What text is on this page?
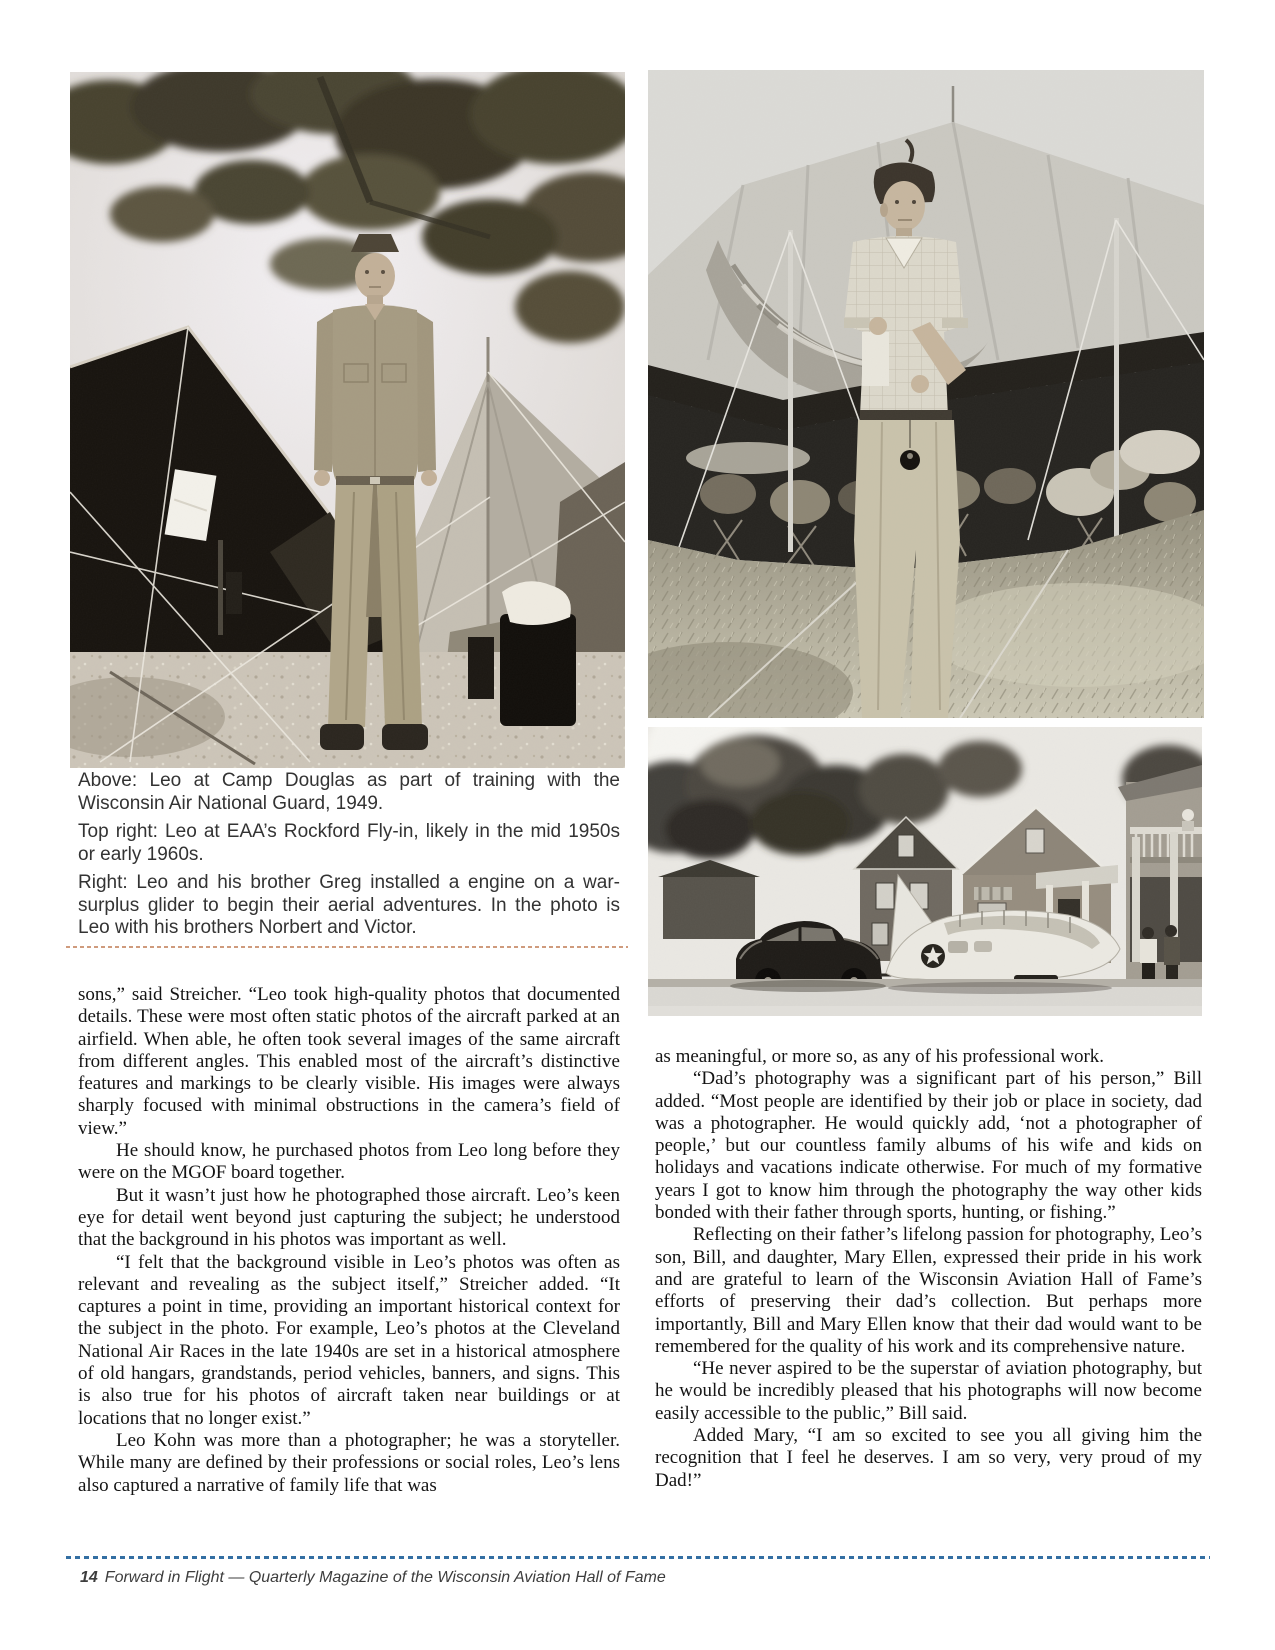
Above: Leo at Camp Douglas as part of training with the Wisconsin Air National Guard, 1949.

Top right: Leo at EAA’s Rockford Fly-in, likely in the mid 1950s or early 1960s.

Right: Leo and his brother Greg installed a engine on a war-surplus glider to begin their aerial adventures. In the photo is Leo with his brothers Norbert and Victor.

sons,” said Streicher. “Leo took high-quality photos that documented details. These were most often static photos of the aircraft parked at an airfield. When able, he often took several images of the same aircraft from different angles. This enabled most of the aircraft’s distinctive features and markings to be clearly visible. His images were always sharply focused with minimal obstructions in the camera’s field of view.”

He should know, he purchased photos from Leo long before they were on the MGOF board together.

But it wasn’t just how he photographed those aircraft. Leo’s keen eye for detail went beyond just capturing the subject; he understood that the background in his photos was important as well.

“I felt that the background visible in Leo’s photos was often as relevant and revealing as the subject itself,” Streicher added. “It captures a point in time, providing an important historical context for the subject in the photo. For example, Leo’s photos at the Cleveland National Air Races in the late 1940s are set in a historical atmosphere of old hangars, grandstands, period vehicles, banners, and signs. This is also true for his photos of aircraft taken near buildings or at locations that no longer exist.”

Leo Kohn was more than a photographer; he was a storyteller. While many are defined by their professions or social roles, Leo’s lens also captured a narrative of family life that was

as meaningful, or more so, as any of his professional work.

“Dad’s photography was a significant part of his person,” Bill added. “Most people are identified by their job or place in society, dad was a photographer. He would quickly add, ‘not a photographer of people,’ but our countless family albums of his wife and kids on holidays and vacations indicate otherwise. For much of my formative years I got to know him through the photography the way other kids bonded with their father through sports, hunting, or fishing.”

Reflecting on their father’s lifelong passion for photography, Leo’s son, Bill, and daughter, Mary Ellen, expressed their pride in his work and are grateful to learn of the Wisconsin Aviation Hall of Fame’s efforts of preserving their dad’s collection. But perhaps more importantly, Bill and Mary Ellen know that their dad would want to be remembered for the quality of his work and its comprehensive nature.

“He never aspired to be the superstar of aviation photography, but he would be incredibly pleased that his photographs will now become easily accessible to the public,” Bill said.

Added Mary, “I am so excited to see you all giving him the recognition that I feel he deserves. I am so very, very proud of my Dad!”

14 Forward in Flight — Quarterly Magazine of the Wisconsin Aviation Hall of Fame
